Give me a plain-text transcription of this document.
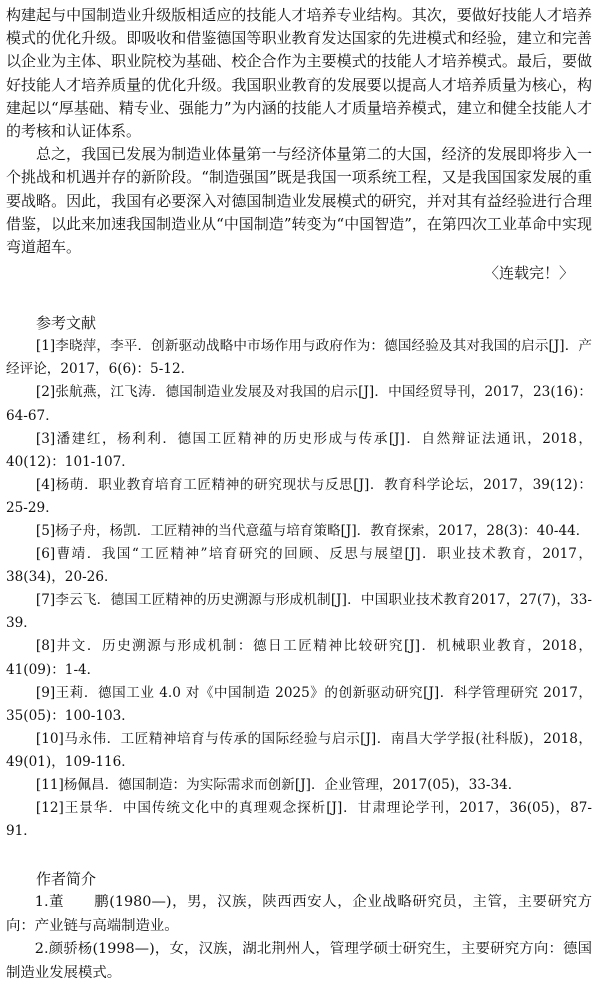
构建起与中国制造业升级版相适应的技能人才培养专业结构。其次，要做好技能人才培养模式的优化升级。即吸收和借鉴德国等职业教育发达国家的先进模式和经验，建立和完善以企业为主体、职业院校为基础、校企合作为主要模式的技能人才培养模式。最后，要做好技能人才培养质量的优化升级。我国职业教育的发展要以提高人才培养质量为核心，构建起以“厚基础、精专业、强能力”为内涵的技能人才质量培养模式，建立和健全技能人才的考核和认证体系。

总之，我国已发展为制造业体量第一与经济体量第二的大国，经济的发展即将步入一个挑战和机遇并存的新阶段。“制造强国”既是我国一项系统工程，又是我国国家发展的重要战略。因此，我国有必要深入对德国制造业发展模式的研究，并对其有益经验进行合理借鉴，以此来加速我国制造业从“中国制造”转变为“中国智造”，在第四次工业革命中实现弯道超车。

〈连载完！〉

参考文献

[1]李晓萍，李平．创新驱动战略中市场作用与政府作为：德国经验及其对我国的启示[J]．产经评论，2017，6(6)：5-12．

[2]张航燕，江飞涛．德国制造业发展及对我国的启示[J]．中国经贸导刊，2017，23(16)：64-67．

[3]潘建红，杨利利．德国工匠精神的历史形成与传承[J]．自然辩证法通讯，2018，40(12)：101-107．

[4]杨萌．职业教育培育工匠精神的研究现状与反思[J]．教育科学论坛，2017，39(12)：25-29．

[5]杨子舟，杨凯．工匠精神的当代意蕴与培育策略[J]．教育探索，2017，28(3)：40-44．

[6]曹靖．我国“工匠精神”培育研究的回顾、反思与展望[J]．职业技术教育，2017，38(34)，20-26．

[7]李云飞．德国工匠精神的历史溯源与形成机制[J]．中国职业技术教育2017，27(7)，33-39．

[8]井文．历史溯源与形成机制：德日工匠精神比较研究[J]．机械职业教育，2018，41(09)：1-4．

[9]王莉．德国工业 4.0 对《中国制造 2025》的创新驱动研究[J]．科学管理研究 2017，35(05)：100-103．

[10]马永伟．工匠精神培育与传承的国际经验与启示[J]．南昌大学学报(社科版)，2018，49(01)，109-116．

[11]杨佩昌．德国制造：为实际需求而创新[J]．企业管理，2017(05)，33-34．

[12]王景华．中国传统文化中的真理观念探析[J]．甘肃理论学刊，2017，36(05)，87-91．

作者简介

1.董　　鹏(1980—)，男，汉族，陕西西安人，企业战略研究员，主管，主要研究方向：产业链与高端制造业。

2.颜骄杨(1998—)，女，汉族，湖北荆州人，管理学硕士研究生，主要研究方向：德国制造业发展模式。
